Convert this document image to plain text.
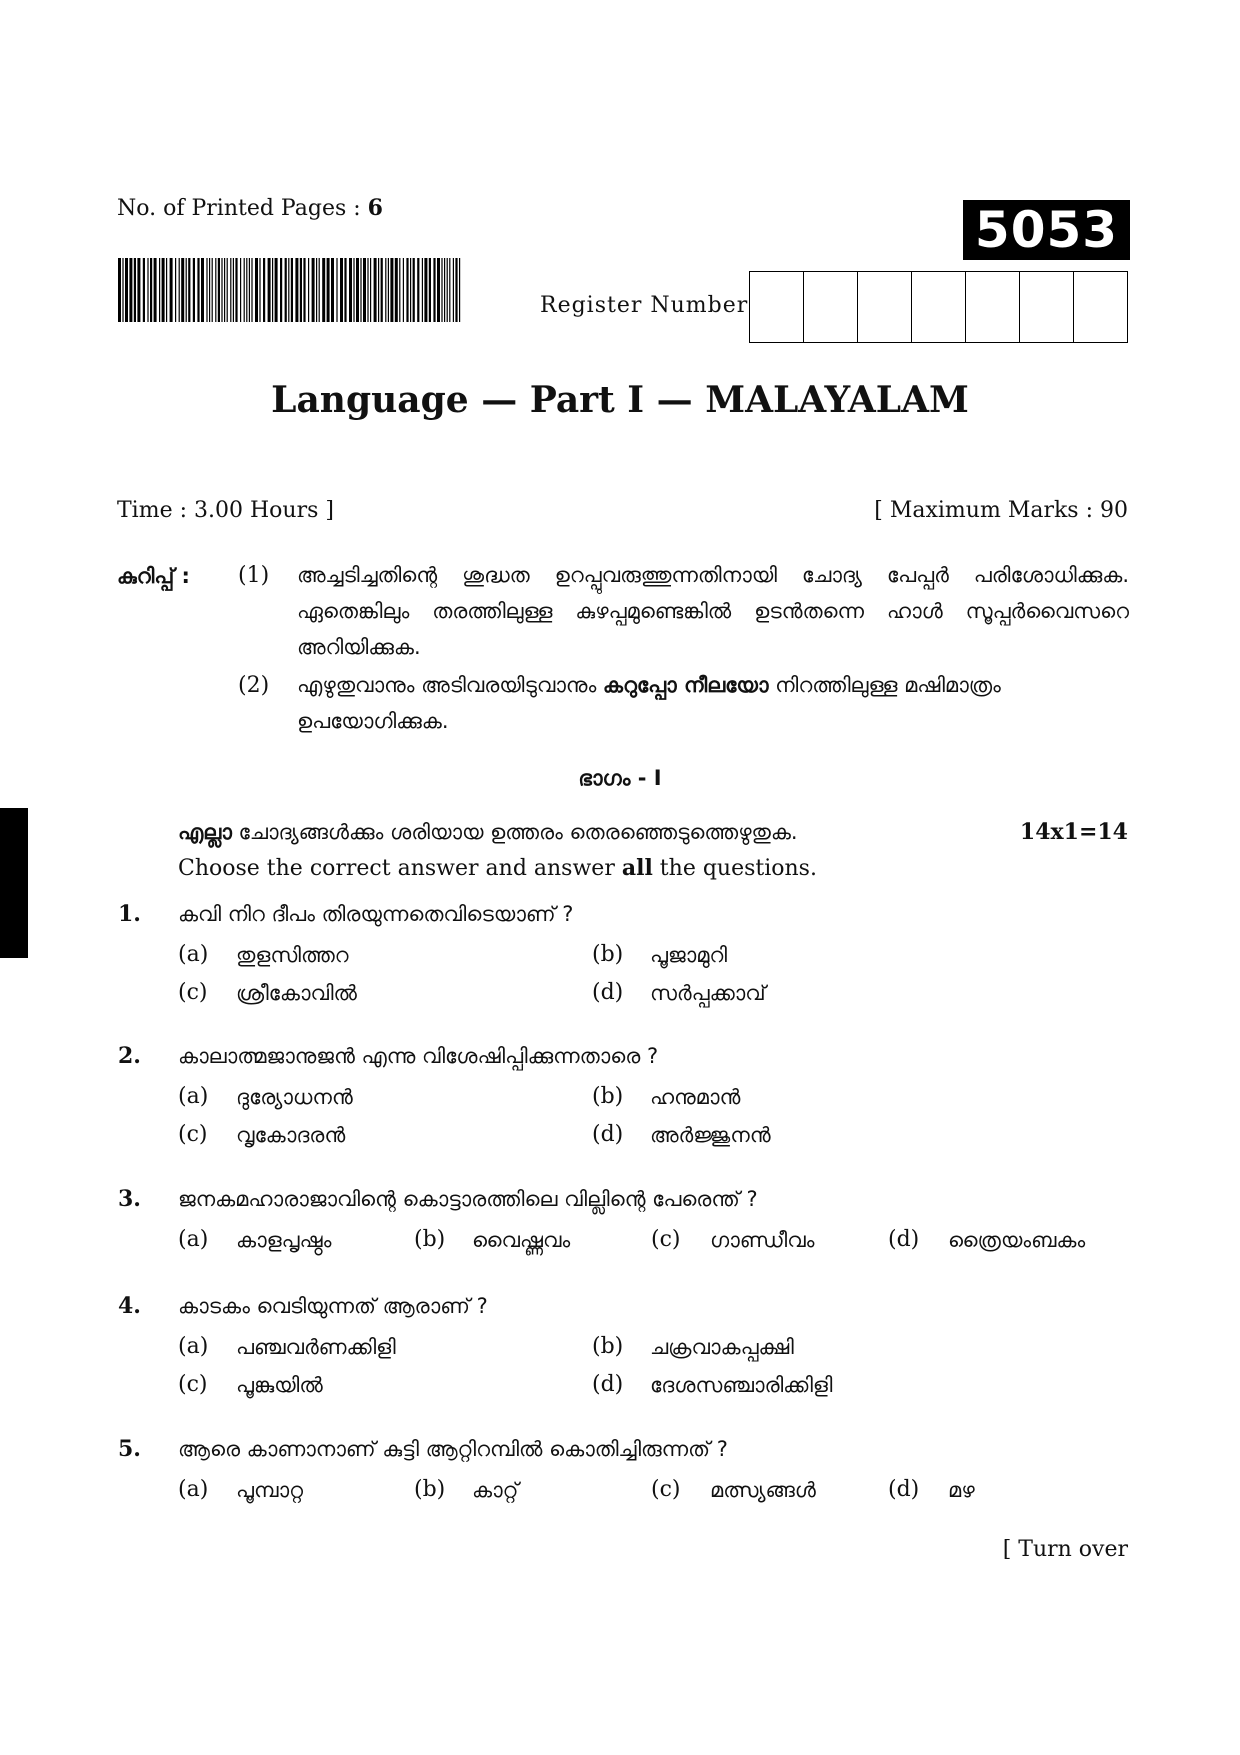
No. of Printed Pages : 6	5053
Register Number
Language — Part I — MALAYALAM
Time : 3.00 Hours ]	[ Maximum Marks : 90
കുറിപ്പ് : (1) അച്ചടിച്ചതിന്റെ ശുദ്ധത ഉറപ്പുവരുത്തുന്നതിനായി ചോദ്യ പേപ്പർ പരിശോധിക്കുക. ഏതെങ്കിലും തരത്തിലുള്ള കുഴപ്പമുണ്ടെങ്കിൽ ഉടൻതന്നെ ഹാൾ സൂപ്പർവൈസറെ അറിയിക്കുക.
(2) എഴുതുവാനും അടിവരയിടുവാനും കറുപ്പോ നീലയോ നിറത്തിലുള്ള മഷിമാത്രം ഉപയോഗിക്കുക.
ഭാഗം - I
എല്ലാ ചോദ്യങ്ങൾക്കും ശരിയായ ഉത്തരം തെരഞ്ഞെടുത്തെഴുതുക.	14x1=14
Choose the correct answer and answer all the questions.
1. കവി നിറ ദീപം തിരയുന്നതെവിടെയാണ് ?
(a) തുളസിത്തറ	(b) പൂജാമുറി
(c) ശ്രീകോവിൽ	(d) സർപ്പക്കാവ്
2. കാലാത്മജാനുജൻ എന്നു വിശേഷിപ്പിക്കുന്നതാരെ ?
(a) ദുര്യോധനൻ	(b) ഹനുമാൻ
(c) വൃകോദരൻ	(d) അർജ്ജുനൻ
3. ജനകമഹാരാജാവിന്റെ കൊട്ടാരത്തിലെ വില്ലിന്റെ പേരെന്ത് ?
(a) കാളപൃഷ്ഠം	(b) വൈഷ്ണവം	(c) ഗാണ്ഡീവം	(d) ത്രൈയംബകം
4. കാടകം വെടിയുന്നത് ആരാണ് ?
(a) പഞ്ചവർണക്കിളി	(b) ചക്രവാകപ്പക്ഷി
(c) പൂങ്കുയിൽ	(d) ദേശസഞ്ചാരിക്കിളി
5. ആരെ കാണാനാണ് കുട്ടി ആറ്റിറമ്പിൽ കൊതിച്ചിരുന്നത് ?
(a) പൂമ്പാറ്റ	(b) കാറ്റ്	(c) മത്സ്യങ്ങൾ	(d) മഴ
[ Turn over
